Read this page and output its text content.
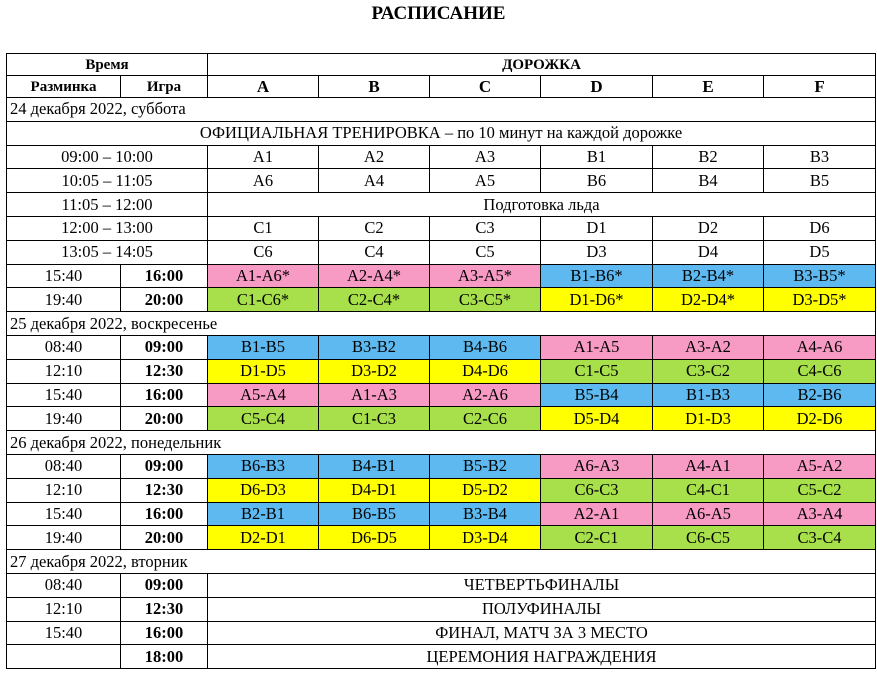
РАСПИСАНИЕ
Время		ДОРОЖКА					
Разминка	Игра	A	B	C	D	E	F
24 декабря 2022, суббота							
ОФИЦИАЛЬНАЯ ТРЕНИРОВКА – по 10 минут на каждой дорожке							
09:00 – 10:00		A1	A2	A3	B1	B2	B3
10:05 – 11:05		A6	A4	A5	B6	B4	B5
11:05 – 12:00		Подготовка льда					
12:00 – 13:00		C1	C2	C3	D1	D2	D6
13:05 – 14:05		C6	C4	C5	D3	D4	D5
15:40	16:00	A1-A6*	A2-A4*	A3-A5*	B1-B6*	B2-B4*	B3-B5*
19:40	20:00	C1-C6*	C2-C4*	C3-C5*	D1-D6*	D2-D4*	D3-D5*
25 декабря 2022, воскресенье							
08:40	09:00	B1-B5	B3-B2	B4-B6	A1-A5	A3-A2	A4-A6
12:10	12:30	D1-D5	D3-D2	D4-D6	C1-C5	C3-C2	C4-C6
15:40	16:00	A5-A4	A1-A3	A2-A6	B5-B4	B1-B3	B2-B6
19:40	20:00	C5-C4	C1-C3	C2-C6	D5-D4	D1-D3	D2-D6
26 декабря 2022, понедельник							
08:40	09:00	B6-B3	B4-B1	B5-B2	A6-A3	A4-A1	A5-A2
12:10	12:30	D6-D3	D4-D1	D5-D2	C6-C3	C4-C1	C5-C2
15:40	16:00	B2-B1	B6-B5	B3-B4	A2-A1	A6-A5	A3-A4
19:40	20:00	D2-D1	D6-D5	D3-D4	C2-C1	C6-C5	C3-C4
27 декабря 2022, вторник							
08:40	09:00	ЧЕТВЕРТЬФИНАЛЫ					
12:10	12:30	ПОЛУФИНАЛЫ					
15:40	16:00	ФИНАЛ, МАТЧ ЗА 3 МЕСТО					
	18:00	ЦЕРЕМОНИЯ НАГРАЖДЕНИЯ					
